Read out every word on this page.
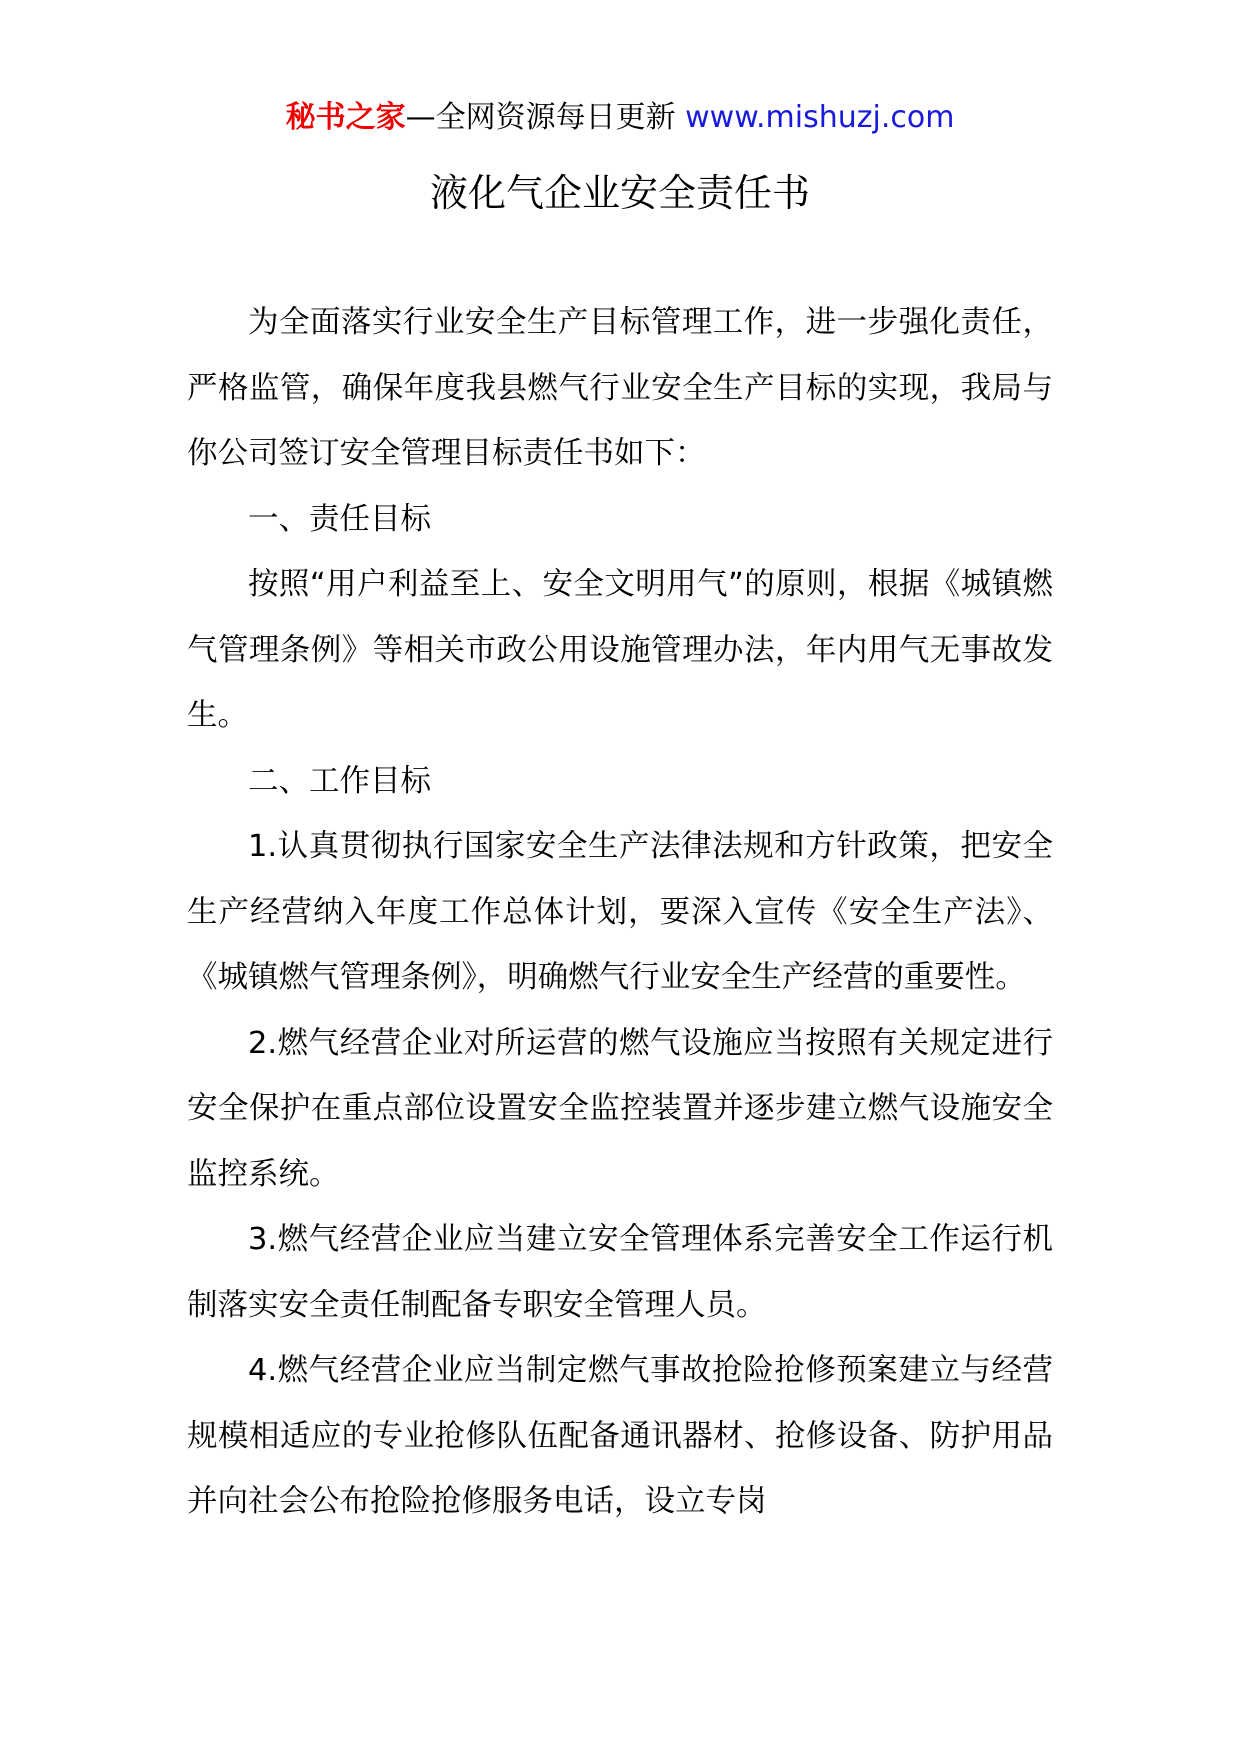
秘书之家—全网资源每日更新 www.mishuzj.com
液化气企业安全责任书

为全面落实行业安全生产目标管理工作，进一步强化责任，严格监管，确保年度我县燃气行业安全生产目标的实现，我局与你公司签订安全管理目标责任书如下：

一、责任目标

按照“用户利益至上、安全文明用气”的原则，根据《城镇燃气管理条例》等相关市政公用设施管理办法，年内用气无事故发生。

二、工作目标

1.认真贯彻执行国家安全生产法律法规和方针政策，把安全生产经营纳入年度工作总体计划，要深入宣传《安全生产法》、《城镇燃气管理条例》，明确燃气行业安全生产经营的重要性。

2.燃气经营企业对所运营的燃气设施应当按照有关规定进行安全保护在重点部位设置安全监控装置并逐步建立燃气设施安全监控系统。

3.燃气经营企业应当建立安全管理体系完善安全工作运行机制落实安全责任制配备专职安全管理人员。

4.燃气经营企业应当制定燃气事故抢险抢修预案建立与经营规模相适应的专业抢修队伍配备通讯器材、抢修设备、防护用品并向社会公布抢险抢修服务电话，设立专岗
